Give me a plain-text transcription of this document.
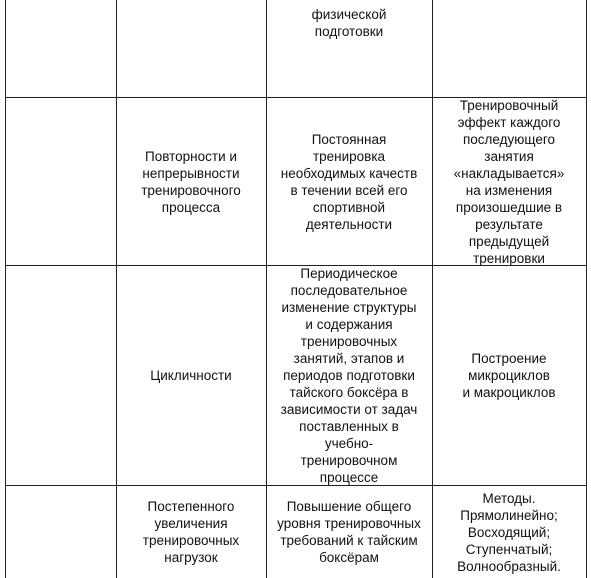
физической
подготовки
Повторности и
непрерывности
тренировочного
процесса
Постоянная
тренировка
необходимых качеств
в течении всей его
спортивной
деятельности
Тренировочный
эффект каждого
последующего
занятия
«накладывается»
на изменения
произошедшие в
результате
предыдущей
тренировки
Цикличности
Периодическое
последовательное
изменение структуры
и содержания
тренировочных
занятий, этапов и
периодов подготовки
тайского боксёра в
зависимости от задач
поставленных в
учебно-
тренировочном
процессе
Построение
микроциклов
и макроциклов
Постепенного
увеличения
тренировочных
нагрузок
Повышение общего
уровня тренировочных
требований к тайским
боксёрам
Методы.
Прямолинейно;
Восходящий;
Ступенчатый;
Волнообразный.
